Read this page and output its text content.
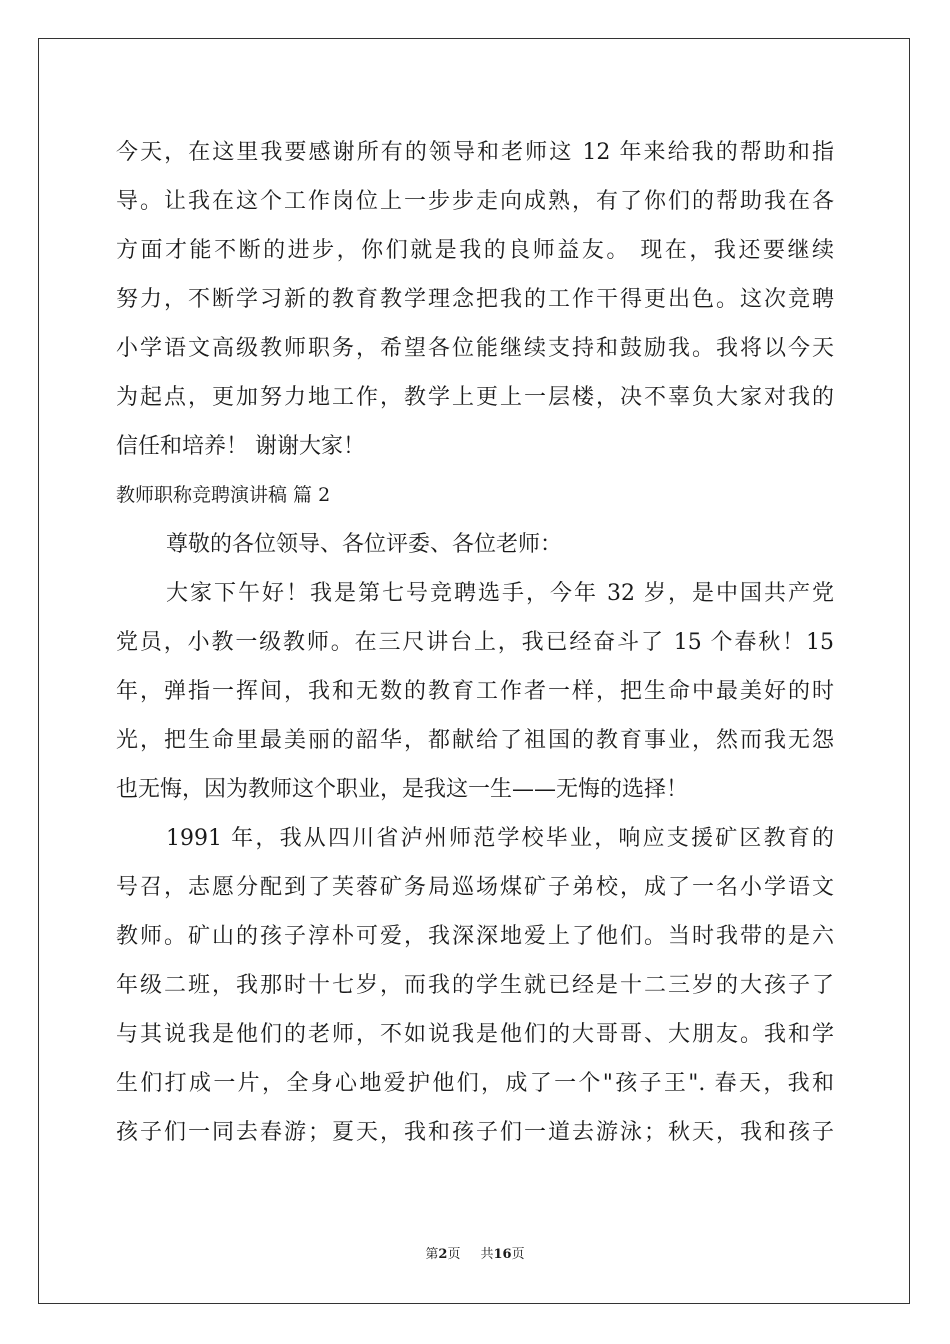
今天，在这里我要感谢所有的领导和老师这 12 年来给我的帮助和指
导。让我在这个工作岗位上一步步走向成熟，有了你们的帮助我在各
方面才能不断的进步，你们就是我的良师益友。 现在，我还要继续
努力，不断学习新的教育教学理念把我的工作干得更出色。这次竞聘
小学语文高级教师职务，希望各位能继续支持和鼓励我。我将以今天
为起点，更加努力地工作，教学上更上一层楼，决不辜负大家对我的
信任和培养！ 谢谢大家！
教师职称竞聘演讲稿 篇 2
尊敬的各位领导、各位评委、各位老师：
大家下午好！我是第七号竞聘选手，今年 32 岁，是中国共产党
党员，小教一级教师。在三尺讲台上，我已经奋斗了 15 个春秋！15
年，弹指一挥间，我和无数的教育工作者一样，把生命中最美好的时
光，把生命里最美丽的韶华，都献给了祖国的教育事业，然而我无怨
也无悔，因为教师这个职业，是我这一生——无悔的选择！
1991 年，我从四川省泸州师范学校毕业，响应支援矿区教育的
号召，志愿分配到了芙蓉矿务局巡场煤矿子弟校，成了一名小学语文
教师。矿山的孩子淳朴可爱，我深深地爱上了他们。当时我带的是六
年级二班，我那时十七岁，而我的学生就已经是十二三岁的大孩子了
与其说我是他们的老师，不如说我是他们的大哥哥、大朋友。我和学
生们打成一片，全身心地爱护他们，成了一个"孩子王". 春天，我和
孩子们一同去春游；夏天，我和孩子们一道去游泳；秋天，我和孩子
第2页 共16页
